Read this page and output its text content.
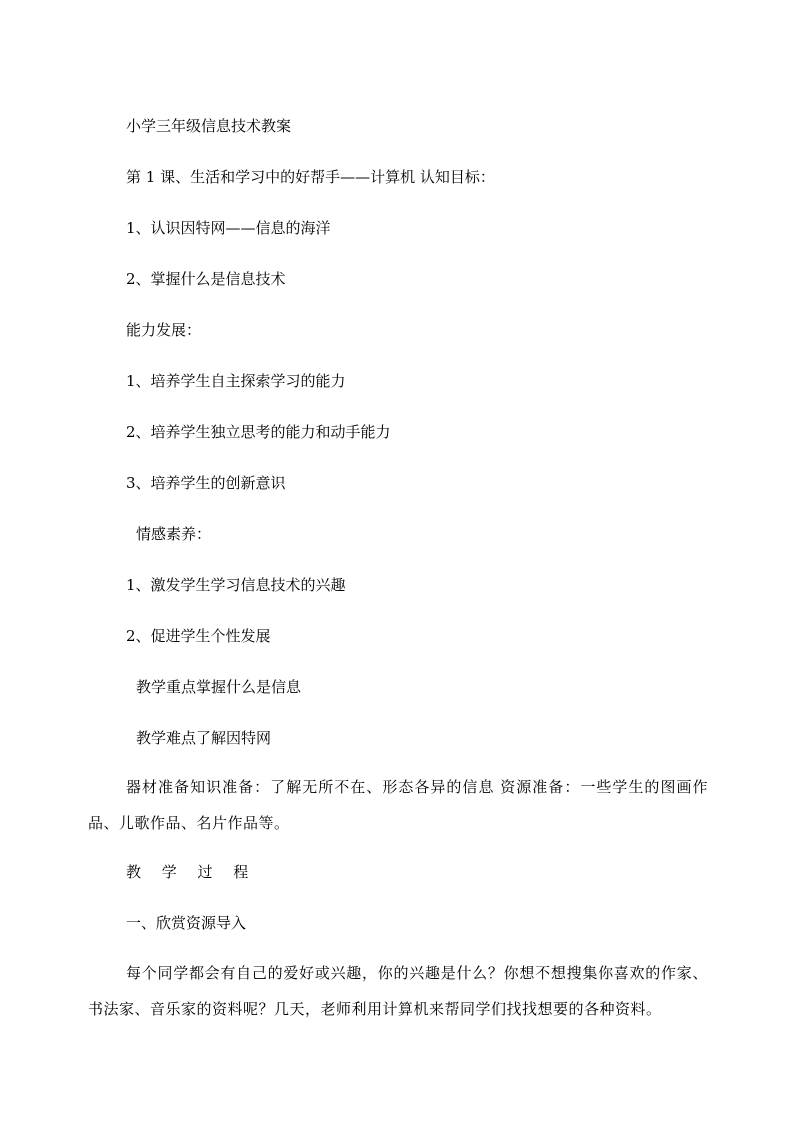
小学三年级信息技术教案
第 1 课、生活和学习中的好帮手——计算机 认知目标：
1、认识因特网——信息的海洋
2、掌握什么是信息技术
能力发展：
1、培养学生自主探索学习的能力
2、培养学生独立思考的能力和动手能力
3、培养学生的创新意识
情感素养：
1、激发学生学习信息技术的兴趣
2、促进学生个性发展
教学重点掌握什么是信息
教学难点了解因特网
器材准备知识准备：了解无所不在、形态各异的信息 资源准备：一些学生的图画作品、儿歌作品、名片作品等。
教 学 过 程
一、欣赏资源导入
每个同学都会有自己的爱好或兴趣，你的兴趣是什么？你想不想搜集你喜欢的作家、书法家、音乐家的资料呢？几天，老师利用计算机来帮同学们找找想要的各种资料。
